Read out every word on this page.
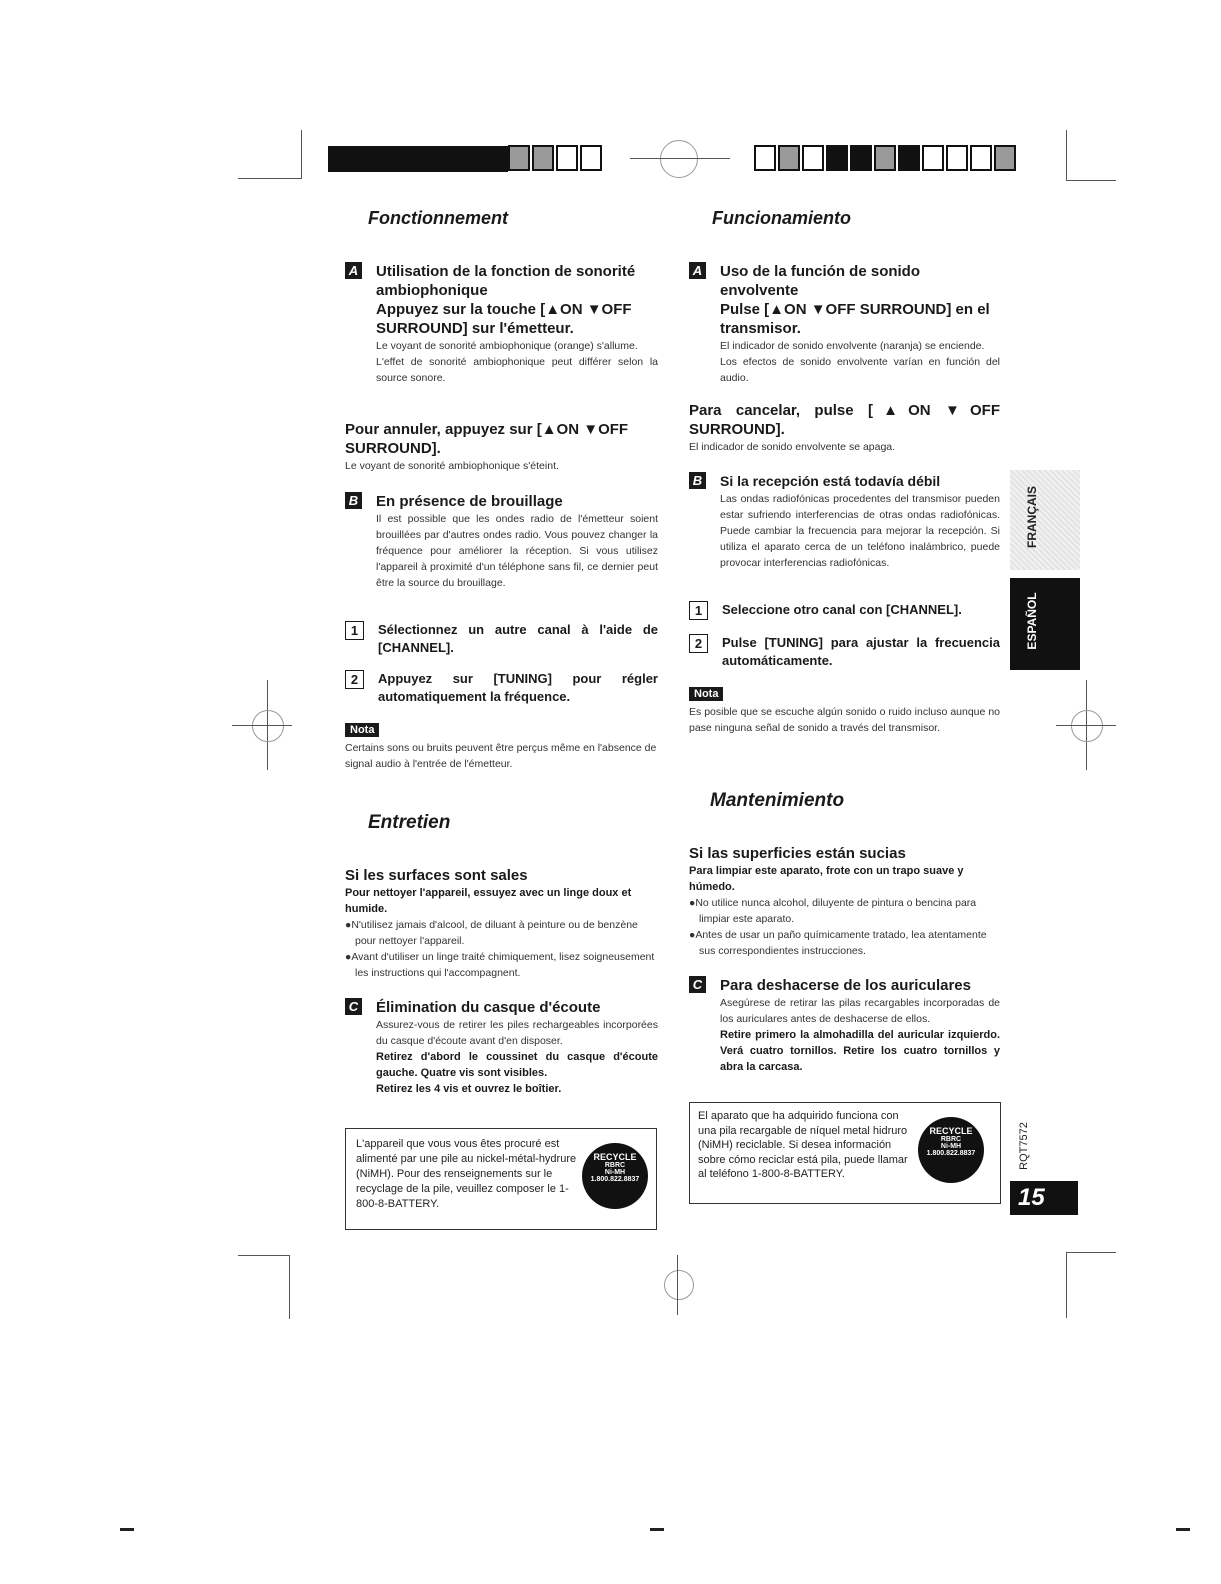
Fonctionnement	Funcionamiento
A Utilisation de la fonction de sonorité ambiophonique
Appuyez sur la touche [▲ON ▼OFF SURROUND] sur l'émetteur.
Le voyant de sonorité ambiophonique (orange) s'allume.
L'effet de sonorité ambiophonique peut différer selon la source sonore.
Pour annuler, appuyez sur [▲ON ▼OFF SURROUND].
Le voyant de sonorité ambiophonique s'éteint.
B En présence de brouillage
Il est possible que les ondes radio de l'émetteur soient brouillées par d'autres ondes radio. Vous pouvez changer la fréquence pour améliorer la réception. Si vous utilisez l'appareil à proximité d'un téléphone sans fil, ce dernier peut être la source du brouillage.
1	Sélectionnez un autre canal à l'aide de [CHANNEL].
2	Appuyez sur [TUNING] pour régler automatiquement la fréquence.
Nota
Certains sons ou bruits peuvent être perçus même en l'absence de signal audio à l'entrée de l'émetteur.
Entretien
Si les surfaces sont sales
Pour nettoyer l'appareil, essuyez avec un linge doux et humide.
●N'utilisez jamais d'alcool, de diluant à peinture ou de benzène pour nettoyer l'appareil.
●Avant d'utiliser un linge traité chimiquement, lisez soigneusement les instructions qui l'accompagnent.
C Élimination du casque d'écoute
Assurez-vous de retirer les piles rechargeables incorporées du casque d'écoute avant d'en disposer.
Retirez d'abord le coussinet du casque d'écoute gauche. Quatre vis sont visibles.
Retirez les 4 vis et ouvrez le boîtier.
L'appareil que vous vous êtes procuré est alimenté par une pile au nickel-métal-hydrure (NiMH). Pour des renseignements sur le recyclage de la pile, veuillez composer le 1-800-8-BATTERY.
RECYCLE
RBRC
Ni-MH
1.800.822.8837
A Uso de la función de sonido envolvente
Pulse [▲ON ▼OFF SURROUND] en el transmisor.
El indicador de sonido envolvente (naranja) se enciende.
Los efectos de sonido envolvente varían en función del audio.
Para cancelar, pulse [▲ON ▼OFF SURROUND].
El indicador de sonido envolvente se apaga.
B Si la recepción está todavía débil
Las ondas radiofónicas procedentes del transmisor pueden estar sufriendo interferencias de otras ondas radiofónicas. Puede cambiar la frecuencia para mejorar la recepción. Si utiliza el aparato cerca de un teléfono inalámbrico, puede provocar interferencias radiofónicas.
1	Seleccione otro canal con [CHANNEL].
2	Pulse [TUNING] para ajustar la frecuencia automáticamente.
Nota
Es posible que se escuche algún sonido o ruido incluso aunque no pase ninguna señal de sonido a través del transmisor.
Mantenimiento
Si las superficies están sucias
Para limpiar este aparato, frote con un trapo suave y húmedo.
●No utilice nunca alcohol, diluyente de pintura o bencina para limpiar este aparato.
●Antes de usar un paño químicamente tratado, lea atentamente sus correspondientes instrucciones.
C Para deshacerse de los auriculares
Asegúrese de retirar las pilas recargables incorporadas de los auriculares antes de deshacerse de ellos.
Retire primero la almohadilla del auricular izquierdo. Verá cuatro tornillos. Retire los cuatro tornillos y abra la carcasa.
El aparato que ha adquirido funciona con una pila recargable de níquel metal hidruro (NiMH) reciclable. Si desea información sobre cómo reciclar está pila, puede llamar al teléfono 1-800-8-BATTERY.
RECYCLE
RBRC
Ni-MH
1.800.822.8837
FRANÇAIS
ESPAÑOL
RQT7572
15
